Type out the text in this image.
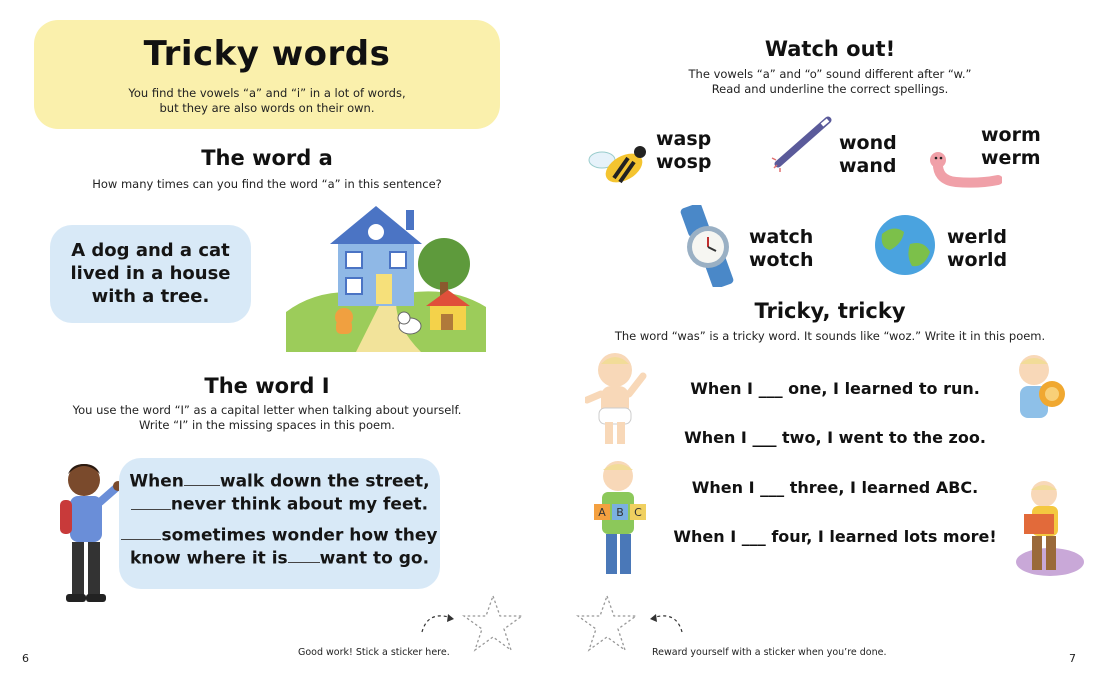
Tricky words
You find the vowels “a” and “i” in a lot of words,
but they are also words on their own.
The word a
How many times can you find the word “a” in this sentence?
A dog and a cat
lived in a house
with a tree.
The word I
You use the word “I” as a capital letter when talking about yourself.
Write “I” in the missing spaces in this poem.
When walk down the street,
never think about my feet.
sometimes wonder how they
know where it is want to go.
Good work! Stick a sticker here.
6
Watch out!
The vowels “a” and “o” sound different after “w.”
Read and underline the correct spellings.
wasp
wosp
wond
wand
worm
werm
watch
wotch
werld
world
Tricky, tricky
The word “was” is a tricky word. It sounds like “woz.” Write it in this poem.
A B C
When I ___ one, I learned to run.
When I ___ two, I went to the zoo.
When I ___ three, I learned ABC.
When I ___ four, I learned lots more!
Reward yourself with a sticker when you’re done.	7
